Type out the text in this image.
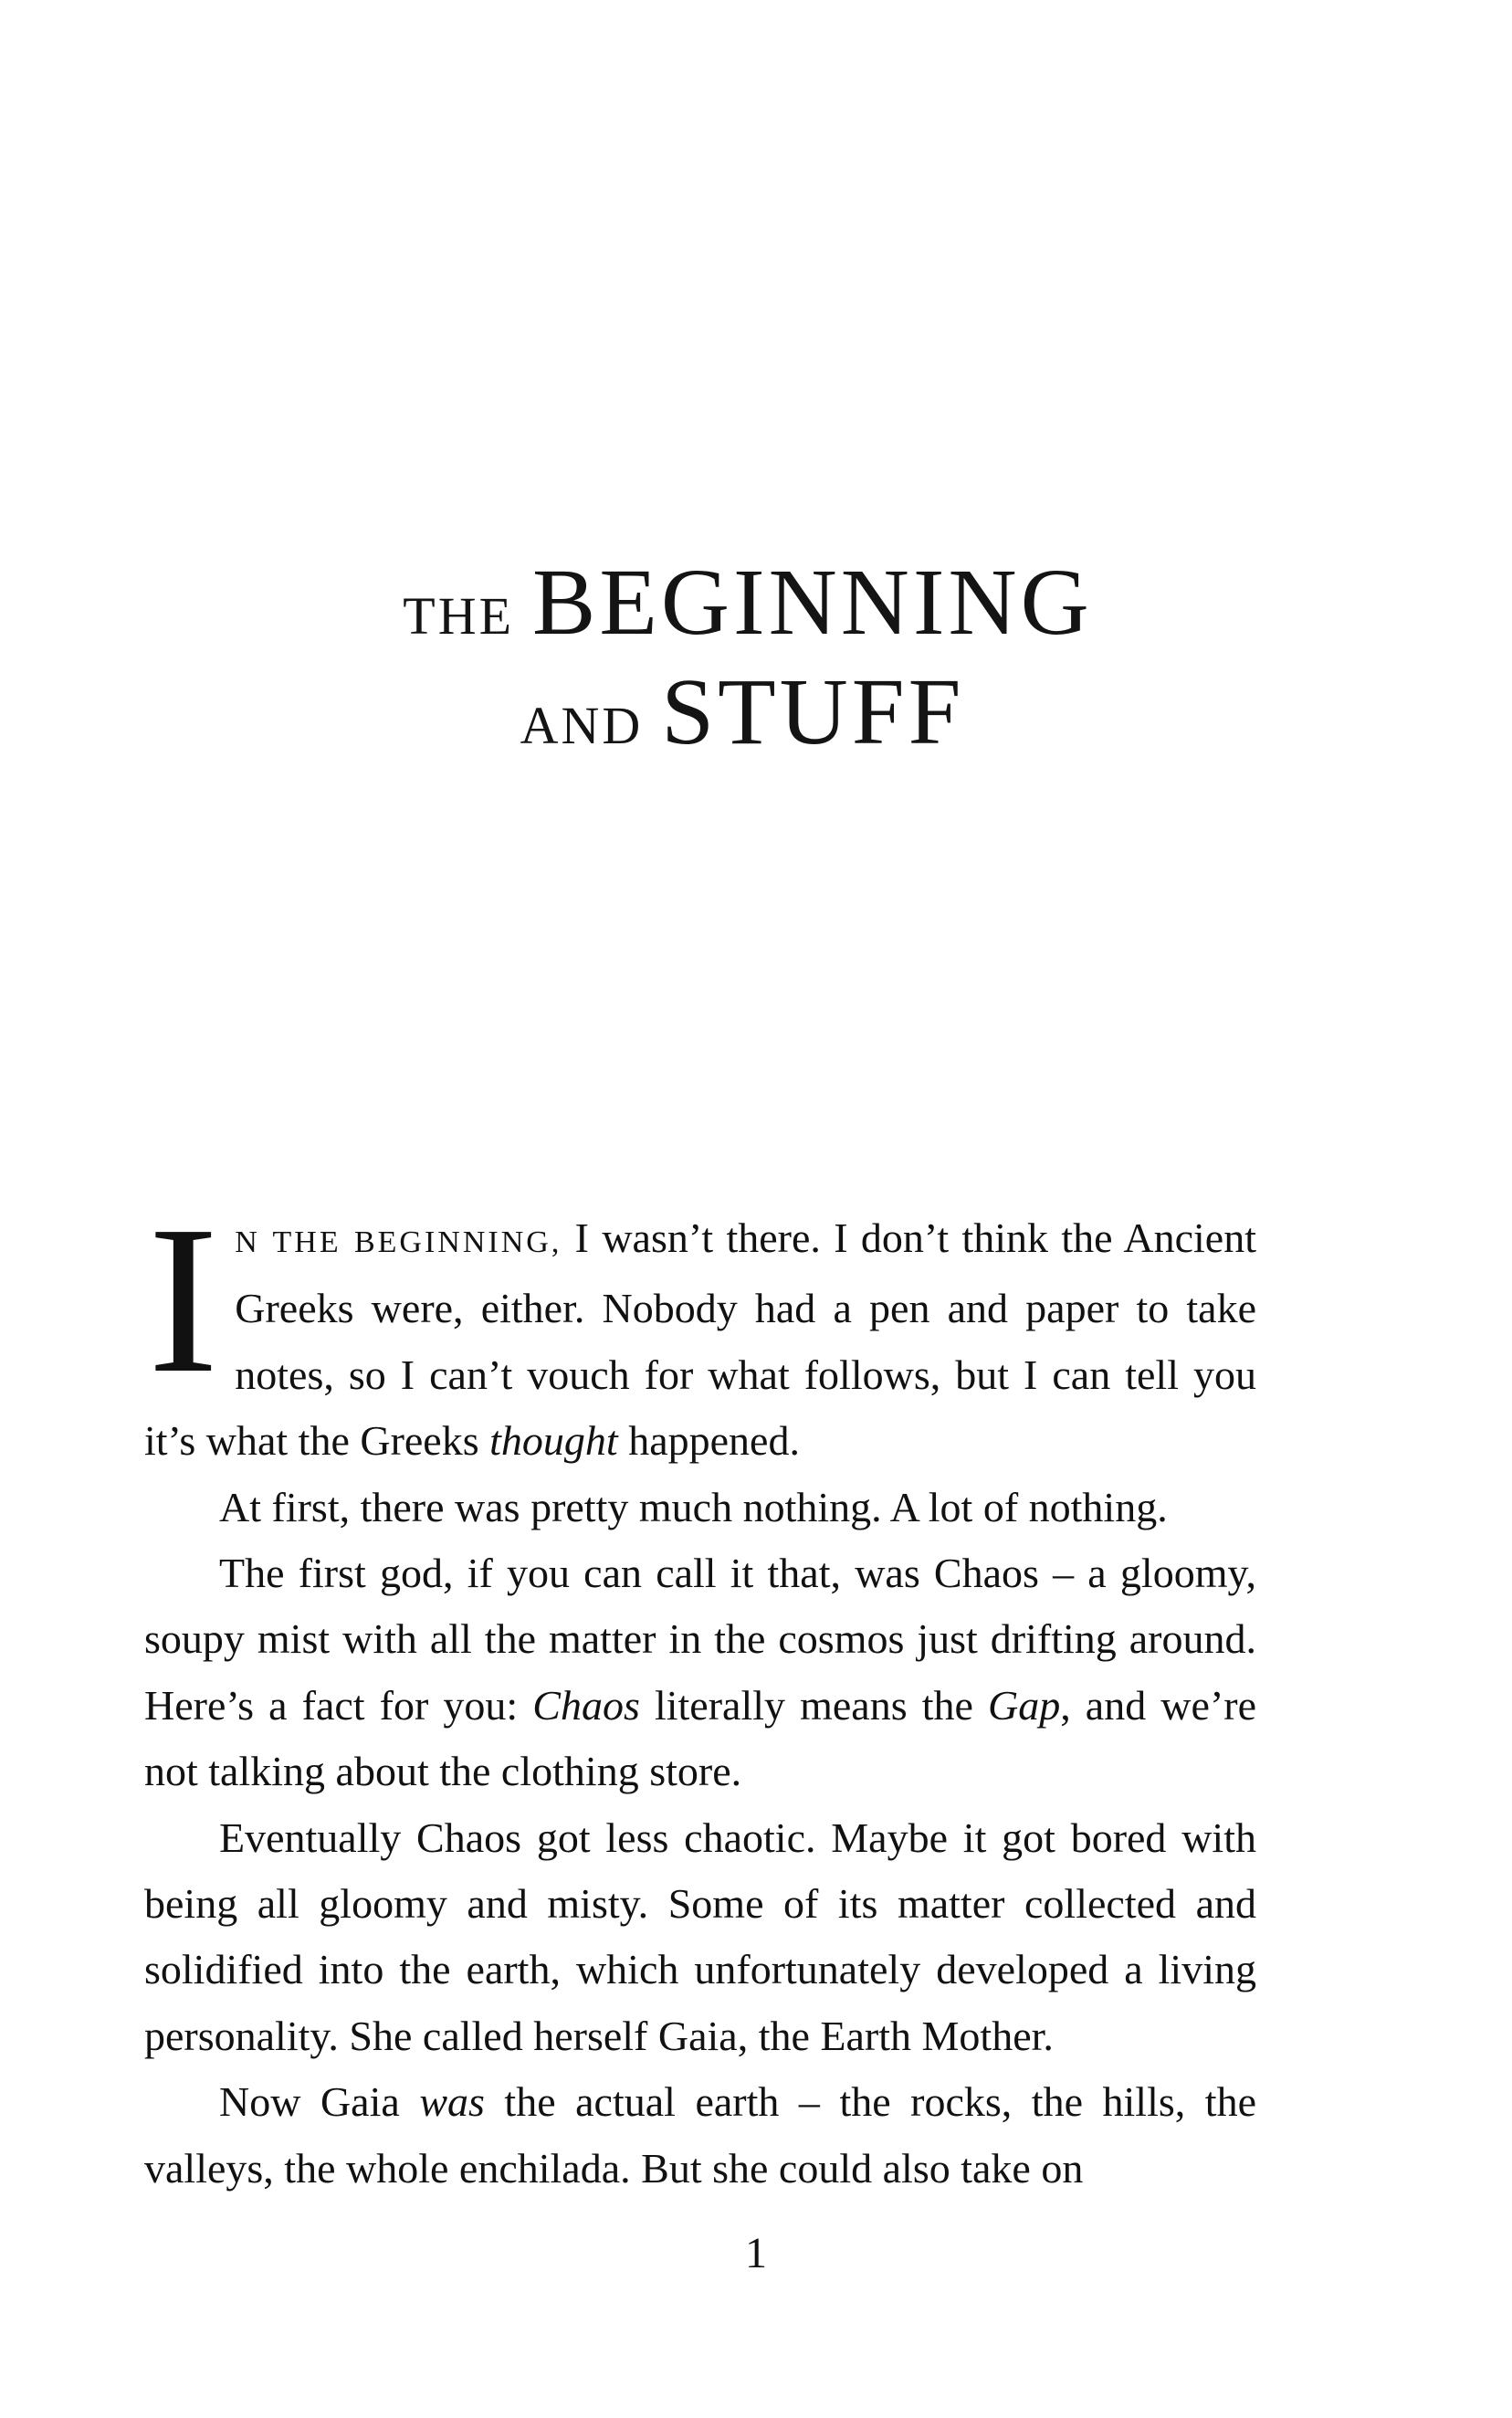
THE BEGINNING
AND STUFF

I N THE BEGINNING, I wasn’t there. I don’t think the Ancient Greeks were, either. Nobody had a pen and paper to take notes, so I can’t vouch for what follows, but I can tell you it’s what the Greeks thought happened.

At first, there was pretty much nothing. A lot of nothing.

The first god, if you can call it that, was Chaos – a gloomy, soupy mist with all the matter in the cosmos just drifting around. Here’s a fact for you: Chaos literally means the Gap, and we’re not talking about the clothing store.

Eventually Chaos got less chaotic. Maybe it got bored with being all gloomy and misty. Some of its matter collected and solidified into the earth, which unfortunately developed a living personality. She called herself Gaia, the Earth Mother.

Now Gaia was the actual earth – the rocks, the hills, the valleys, the whole enchilada. But she could also take on

1
